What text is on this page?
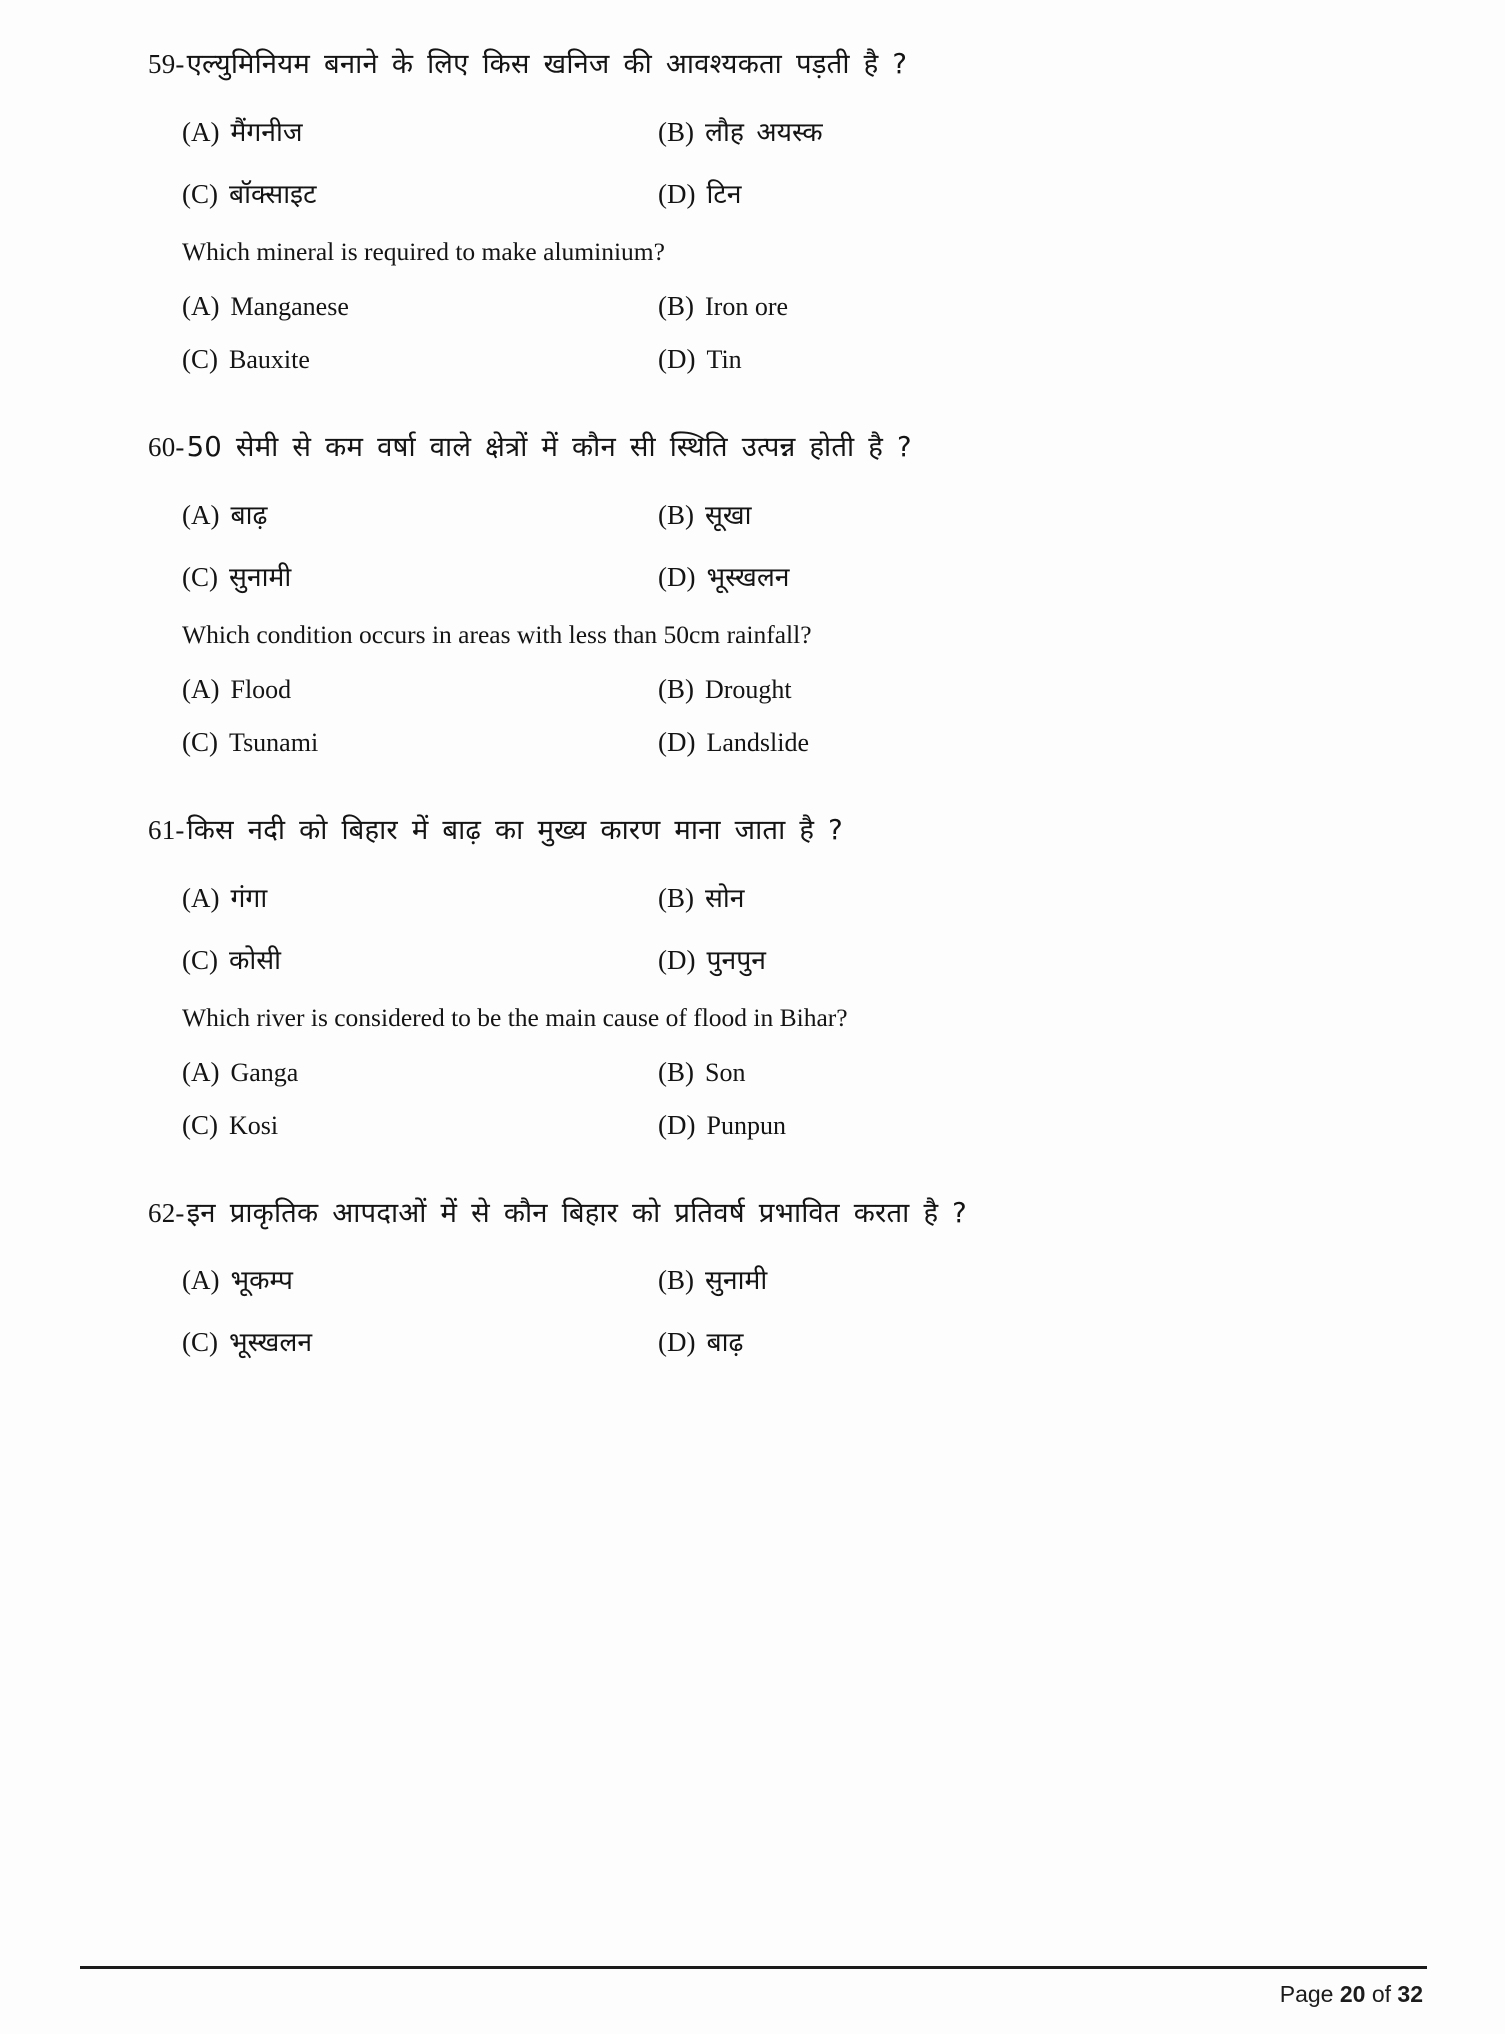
59- एल्युमिनियम बनाने के लिए किस खनिज की आवश्यकता पड़ती है ?
(A) मैंगनीज	(B) लौह अयस्क
(C) बॉक्साइट	(D) टिन
Which mineral is required to make aluminium?
(A) Manganese	(B) Iron ore
(C) Bauxite	(D) Tin
60- 50 सेमी से कम वर्षा वाले क्षेत्रों में कौन सी स्थिति उत्पन्न होती है ?
(A) बाढ़	(B) सूखा
(C) सुनामी	(D) भूस्खलन
Which condition occurs in areas with less than 50cm rainfall?
(A) Flood	(B) Drought
(C) Tsunami	(D) Landslide
61- किस नदी को बिहार में बाढ़ का मुख्य कारण माना जाता है ?
(A) गंगा	(B) सोन
(C) कोसी	(D) पुनपुन
Which river is considered to be the main cause of flood in Bihar?
(A) Ganga	(B) Son
(C) Kosi	(D) Punpun
62- इन प्राकृतिक आपदाओं में से कौन बिहार को प्रतिवर्ष प्रभावित करता है ?
(A) भूकम्प	(B) सुनामी
(C) भूस्खलन	(D) बाढ़
Page 20 of 32
